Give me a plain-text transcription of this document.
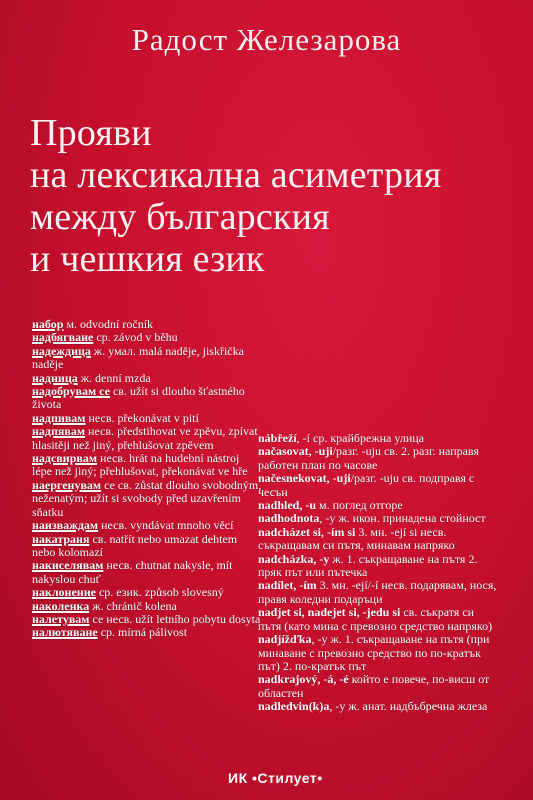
Радост Железарова
Прояви
на лексикална асиметрия
между българския
и чешкия език

набор м. odvodní ročník

надбягване ср. závod v běhu

надеждица ж. умал. malá naděje, jiskřička naděje

надница ж. denní mzda

надобрувам се св. užít si dlouho šťastného života

надпивам несв. překonávat v pití

надпявам несв. předstihovat ve zpěvu, zpívat hlasitěji než jiný, přehlušovat zpěvem

надсвирвам несв. hrát na hudební nástroj lépe než jiný; přehlušovat, překonávat ve hře

наергенувам се св. zůstat dlouho svobodným, neženatým; užít si svobody před uzavřením sňatku

наизваждам несв. vyndávat mnoho věcí

накатраня св. natřít nebo umazat dehtem nebo kolomazí

накиселявам несв. chutnat nakysle, mít nakyslou chuť

наклонение ср. език. způsob slovesný

наколенка ж. chránič kolena

налетувам се несв. užít letního pobytu dosyta

налютяване ср. mírná pálivost

nábřeží, -í ср. крайбрежна улица

načasovat, -uji/разг. -uju св. 2. разг. направя работен план по часове

načesnekovat, -uji/разг. -uju св. подправя с чесън

nadhled, -u м. поглед отгоре

nadhodnota, -y ж. икон. принадена стойност

nadcházet si, -ím si 3. мн. -ejí si несв. съкращавам си пътя, минавам напряко

nadcházka, -y ж. 1. съкращаване на пътя 2. пряк път или пътечка

nadílet, -ím 3. мн. -ejí/-í несв. подарявам, нося, правя коледни подаръци

nadjet si, nadejet si, -jedu si св. съкратя си пътя (като мина с превозно средство напряко)

nadjížďka, -y ж. 1. съкращаване на пътя (при минаване с превозно средство по по-кратък път) 2. по-кратък път

nadkrajový, -á, -é който е повече, по-висш от областен

nadledvin(k)a, -y ж. анат. надбъбречна жлеза

ИК •Стилует•
